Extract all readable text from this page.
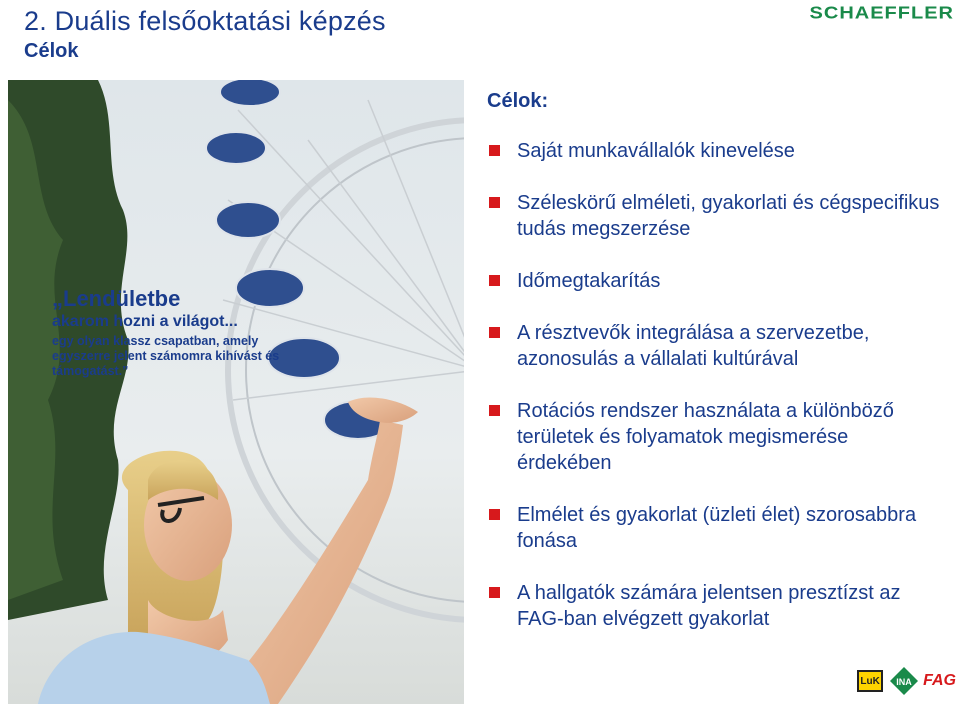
2. Duális felsőoktatási képzés
Célok
SCHAEFFLER
„Lendületbe
akarom hozni a világot...
egy olyan klassz csapatban, amely egyszerre jelent számomra kihívást és támogatást.”
Célok:
Saját munkavállalók kinevelése
Széleskörű elméleti, gyakorlati és cégspecifikus tudás megszerzése
Időmegtakarítás
A résztvevők integrálása a szervezetbe, azonosulás a vállalati kultúrával
Rotációs rendszer használata a különböző területek és folyamatok megismerése érdekében
Elmélet és gyakorlat (üzleti élet) szorosabbra fonása
A hallgatók számára jelentsen presztízst az FAG-ban elvégzett gyakorlat
LuK	INA FAG
